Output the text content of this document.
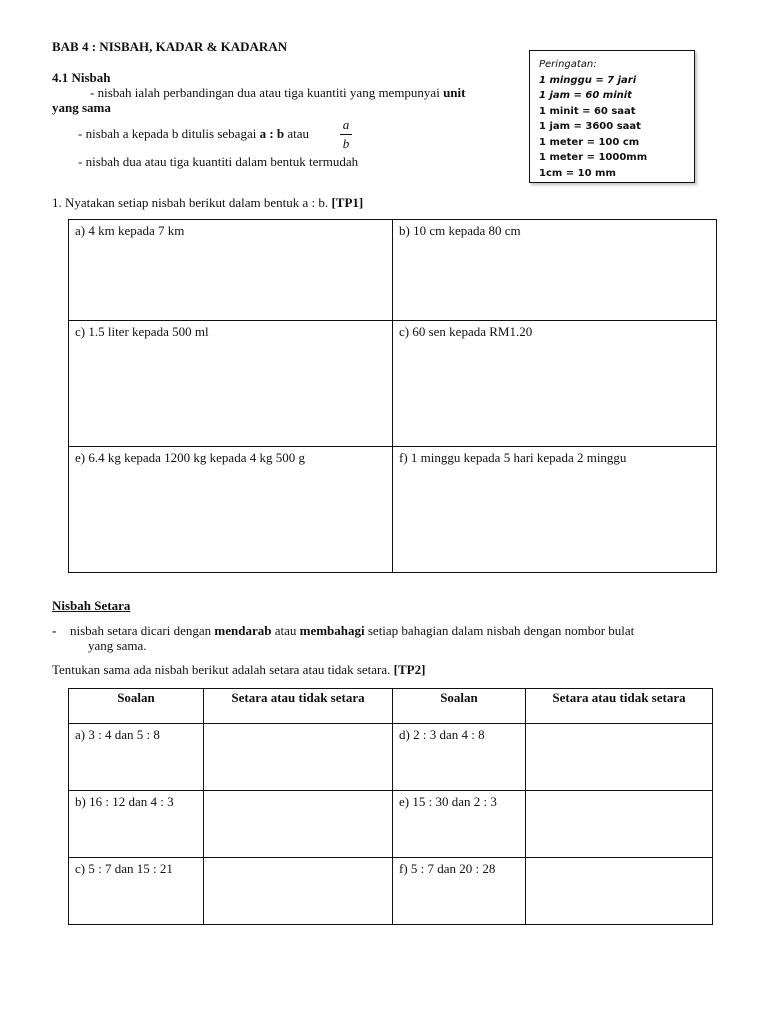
BAB 4 : NISBAH, KADAR & KADARAN
4.1 Nisbah
- nisbah ialah perbandingan dua atau tiga kuantiti yang mempunyai unit
yang sama
- nisbah a kepada b ditulis sebagai a : b atau
a
b
- nisbah dua atau tiga kuantiti dalam bentuk termudah
Peringatan:
1 minggu = 7 jari
1 jam = 60 minit
1 minit = 60 saat
1 jam = 3600 saat
1 meter = 100 cm
1 meter = 1000mm
1cm = 10 mm
1. Nyatakan setiap nisbah berikut dalam bentuk a : b. [TP1]
a) 4 km kepada 7 km	b) 10 cm kepada 80 cm
c) 1.5 liter kepada 500 ml	c) 60 sen kepada RM1.20
e) 6.4 kg kepada 1200 kg kepada 4 kg 500 g	f) 1 minggu kepada 5 hari kepada 2 minggu
Nisbah Setara
- nisbah setara dicari dengan mendarab atau membahagi setiap bahagian dalam nisbah dengan nombor bulat
yang sama.
Tentukan sama ada nisbah berikut adalah setara atau tidak setara. [TP2]
Soalan	Setara atau tidak setara	Soalan	Setara atau tidak setara
a) 3 : 4 dan 5 : 8		d) 2 : 3 dan 4 : 8	
b) 16 : 12 dan 4 : 3		e) 15 : 30 dan 2 : 3	
c) 5 : 7 dan 15 : 21		f) 5 : 7 dan 20 : 28	
